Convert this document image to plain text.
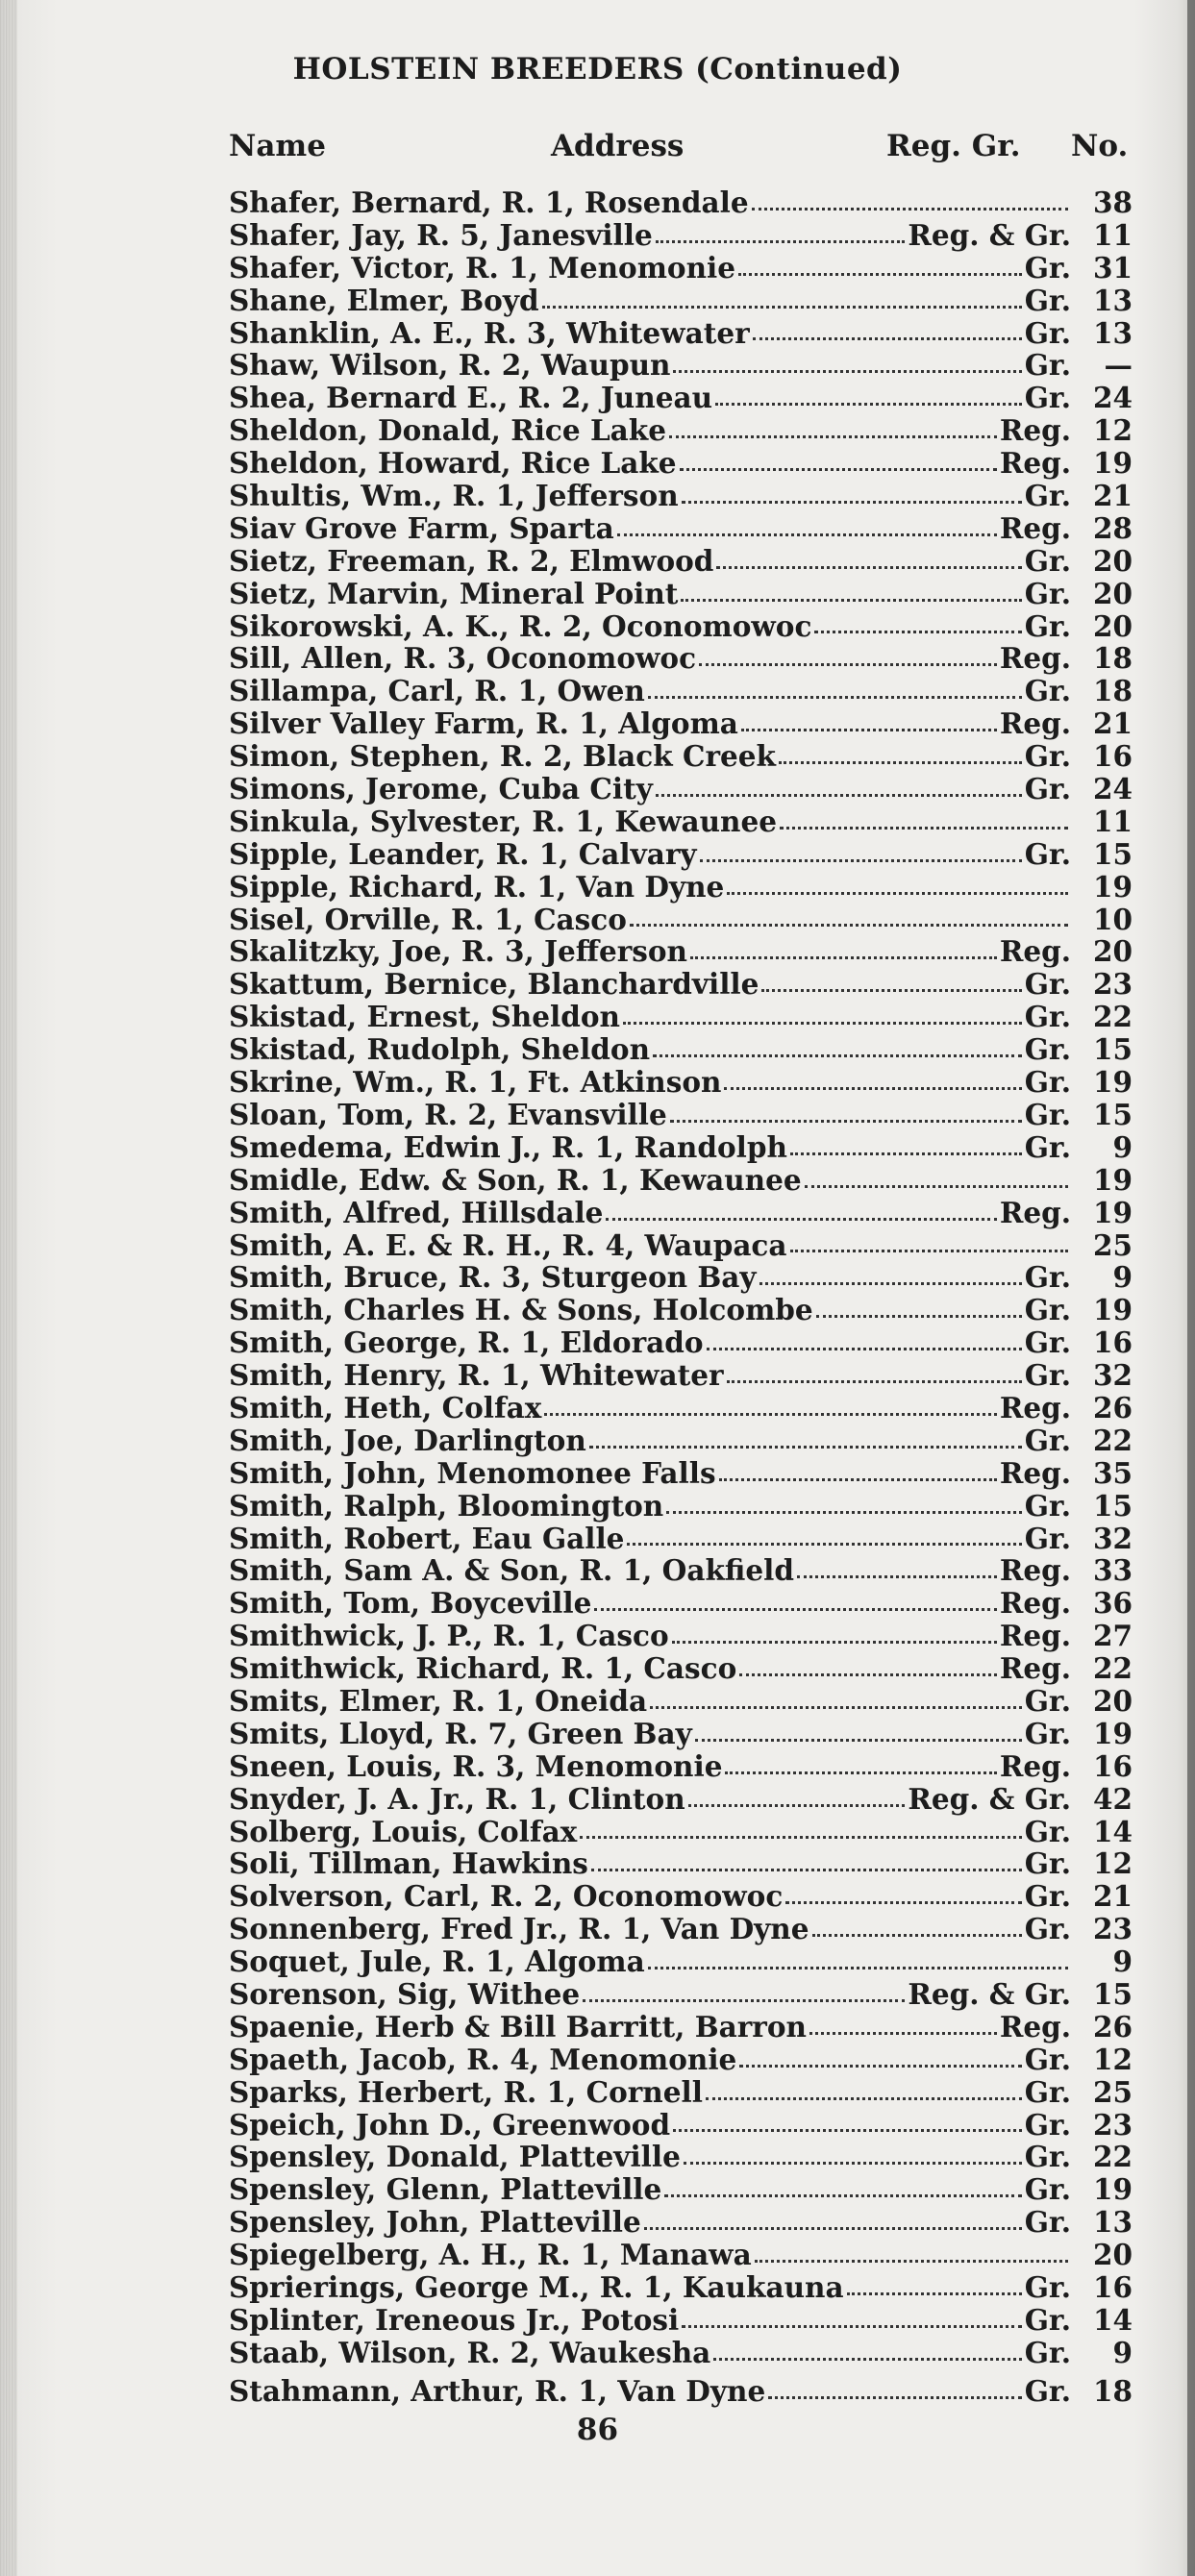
HOLSTEIN BREEDERS (Continued)
Name	Address	Reg. Gr. No.
Shafer, Bernard, R. 1, Rosendale	38
Shafer, Jay, R. 5, Janesville	Reg. & Gr. 11
Shafer, Victor, R. 1, Menomonie	Gr. 31
Shane, Elmer, Boyd	Gr. 13
Shanklin, A. E., R. 3, Whitewater	Gr. 13
Shaw, Wilson, R. 2, Waupun	Gr.	—
Shea, Bernard E., R. 2, Juneau	Gr. 24
Sheldon, Donald, Rice Lake	Reg. 12
Sheldon, Howard, Rice Lake	Reg. 19
Shultis, Wm., R. 1, Jefferson	Gr. 21
Siav Grove Farm, Sparta	Reg. 28
Sietz, Freeman, R. 2, Elmwood	Gr. 20
Sietz, Marvin, Mineral Point	Gr. 20
Sikorowski, A. K., R. 2, Oconomowoc	Gr. 20
Sill, Allen, R. 3, Oconomowoc	Reg. 18
Sillampa, Carl, R. 1, Owen	Gr. 18
Silver Valley Farm, R. 1, Algoma	Reg. 21
Simon, Stephen, R. 2, Black Creek	Gr. 16
Simons, Jerome, Cuba City	Gr. 24
Sinkula, Sylvester, R. 1, Kewaunee	11
Sipple, Leander, R. 1, Calvary	Gr. 15
Sipple, Richard, R. 1, Van Dyne	19
Sisel, Orville, R. 1, Casco	10
Skalitzky, Joe, R. 3, Jefferson	Reg. 20
Skattum, Bernice, Blanchardville	Gr. 23
Skistad, Ernest, Sheldon	Gr. 22
Skistad, Rudolph, Sheldon	Gr. 15
Skrine, Wm., R. 1, Ft. Atkinson	Gr. 19
Sloan, Tom, R. 2, Evansville	Gr. 15
Smedema, Edwin J., R. 1, Randolph	Gr.	9
Smidle, Edw. & Son, R. 1, Kewaunee	19
Smith, Alfred, Hillsdale	Reg. 19
Smith, A. E. & R. H., R. 4, Waupaca	25
Smith, Bruce, R. 3, Sturgeon Bay	Gr.	9
Smith, Charles H. & Sons, Holcombe	Gr. 19
Smith, George, R. 1, Eldorado	Gr. 16
Smith, Henry, R. 1, Whitewater	Gr. 32
Smith, Heth, Colfax	Reg. 26
Smith, Joe, Darlington	Gr. 22
Smith, John, Menomonee Falls	Reg. 35
Smith, Ralph, Bloomington	Gr. 15
Smith, Robert, Eau Galle	Gr. 32
Smith, Sam A. & Son, R. 1, Oakfield	Reg. 33
Smith, Tom, Boyceville	Reg. 36
Smithwick, J. P., R. 1, Casco	Reg. 27
Smithwick, Richard, R. 1, Casco	Reg. 22
Smits, Elmer, R. 1, Oneida	Gr. 20
Smits, Lloyd, R. 7, Green Bay	Gr. 19
Sneen, Louis, R. 3, Menomonie	Reg. 16
Snyder, J. A. Jr., R. 1, Clinton	Reg. & Gr. 42
Solberg, Louis, Colfax	Gr. 14
Soli, Tillman, Hawkins	Gr. 12
Solverson, Carl, R. 2, Oconomowoc	Gr. 21
Sonnenberg, Fred Jr., R. 1, Van Dyne	Gr. 23
Soquet, Jule, R. 1, Algoma	9
Sorenson, Sig, Withee	Reg. & Gr. 15
Spaenie, Herb & Bill Barritt, Barron	Reg. 26
Spaeth, Jacob, R. 4, Menomonie	Gr. 12
Sparks, Herbert, R. 1, Cornell	Gr. 25
Speich, John D., Greenwood	Gr. 23
Spensley, Donald, Platteville	Gr. 22
Spensley, Glenn, Platteville	Gr. 19
Spensley, John, Platteville	Gr. 13
Spiegelberg, A. H., R. 1, Manawa	20
Sprierings, George M., R. 1, Kaukauna	Gr. 16
Splinter, Ireneous Jr., Potosi	Gr. 14
Staab, Wilson, R. 2, Waukesha	Gr.	9
Stahmann, Arthur, R. 1, Van Dyne	Gr. 18
86
